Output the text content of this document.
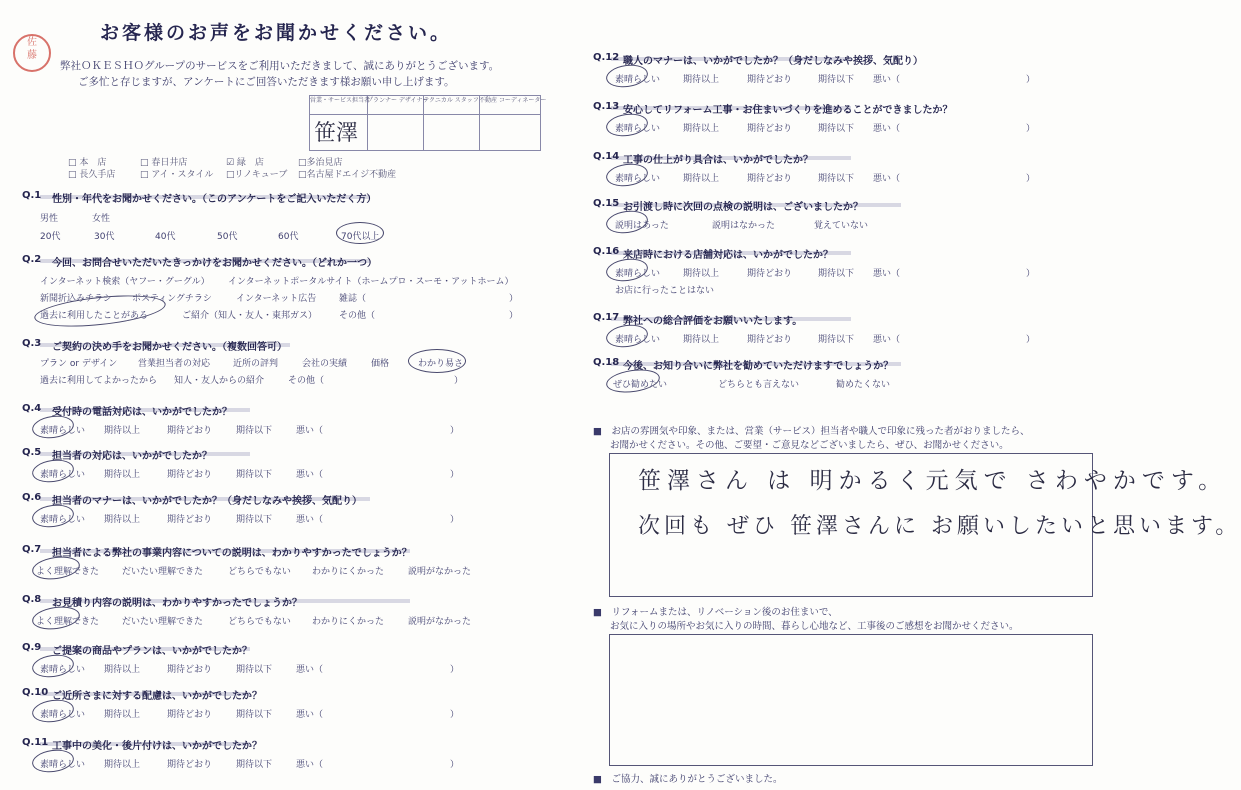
お客様のお声をお聞かせください。
佐
藤
弊社ＯＫＥＳＨＯグループのサービスをご利用いただきまして、誠にありがとうございます。
ご多忙と存じますが、アンケートにご回答いただきます様お願い申し上げます。
営業・サービス担当者
プランナー デザイナー
テクニカル スタッフ 不動産 コーディネーター
笹澤
□ 本　店	□ 春日井店	☑ 緑　店	□多治見店
□ 長久手店	□ アイ・スタイル □リノキューブ □名古屋ドエイジ不動産
Q.1 性別・年代をお聞かせください。（このアンケートをご記入いただく方）
男性	女性
20代	30代	40代	50代	60代	70代以上
Q.2 今回、お問合せいただいたきっかけをお聞かせください。（どれか一つ）
インターネット検索（ヤフー・グーグル） インターネットポータルサイト（ホームプロ・スーモ・アットホーム）
新聞折込みチラシ ポスティングチラシ	インターネット広告	雑誌（	）
過去に利用したことがある	ご紹介（知人・友人・東邦ガス） その他（	）
Q.3 ご契約の決め手をお聞かせください。（複数回答可）
プラン or デザイン 営業担当者の対応	近所の評判	会社の実績	価格	わかり易さ
過去に利用してよかったから 知人・友人からの紹介	その他（	）
■　お店の雰囲気や印象、または、営業（サービス）担当者や職人で印象に残った者がおりましたら、
お聞かせください。その他、ご要望・ご意見などございましたら、ぜひ、お聞かせください。
笹澤さん は 明かるく元気で さわやかです。
次回も ぜひ 笹澤さんに お願いしたいと思います。
■　リフォームまたは、リノベーション後のお住まいで、
お気に入りの場所やお気に入りの時間、暮らし心地など、工事後のご感想をお聞かせください。
■　ご協力、誠にありがとうございました。
Q.4 受付時の電話対応は、いかがでしたか？
素晴らしい 期待以上	期待どおり	期待以下	悪い（	）
Q.5 担当者の対応は、いかがでしたか？
素晴らしい 期待以上	期待どおり	期待以下	悪い（	）
Q.6 担当者のマナーは、いかがでしたか？（身だしなみや挨拶、気配り）
素晴らしい 期待以上	期待どおり	期待以下	悪い（	）
Q.7 担当者による弊社の事業内容についての説明は、わかりやすかったでしょうか？
よく理解できた	だいたい理解できた	どちらでもない わかりにくかった	説明がなかった
Q.8 お見積り内容の説明は、わかりやすかったでしょうか？
よく理解できた	だいたい理解できた	どちらでもない わかりにくかった	説明がなかった
Q.9 ご提案の商品やプランは、いかがでしたか？
素晴らしい 期待以上	期待どおり	期待以下	悪い（	）
Q.10 ご近所さまに対する配慮は、いかがでしたか？
素晴らしい 期待以上	期待どおり	期待以下	悪い（	）
Q.11 工事中の美化・後片付けは、いかがでしたか？
素晴らしい 期待以上	期待どおり	期待以下	悪い（	）
Q.12 職人のマナーは、いかがでしたか？（身だしなみや挨拶、気配り）
素晴らしい	期待以上	期待どおり	期待以下 悪い（	）
Q.13 安心してリフォーム工事・お住まいづくりを進めることができましたか？
素晴らしい	期待以上	期待どおり	期待以下 悪い（	）
Q.14 工事の仕上がり具合は、いかがでしたか？
素晴らしい	期待以上	期待どおり	期待以下 悪い（	）
Q.15 お引渡し時に次回の点検の説明は、ございましたか？
説明はあった	説明はなかった	覚えていない
Q.16 来店時における店舗対応は、いかがでしたか？
素晴らしい	期待以上	期待どおり	期待以下 悪い（	）
お店に行ったことはない
Q.17 弊社への総合評価をお願いいたします。
素晴らしい	期待以上	期待どおり	期待以下 悪い（	）
Q.18 今後、お知り合いに弊社を勧めていただけますでしょうか？
ぜひ勧めたい	どちらとも言えない	勧めたくない
